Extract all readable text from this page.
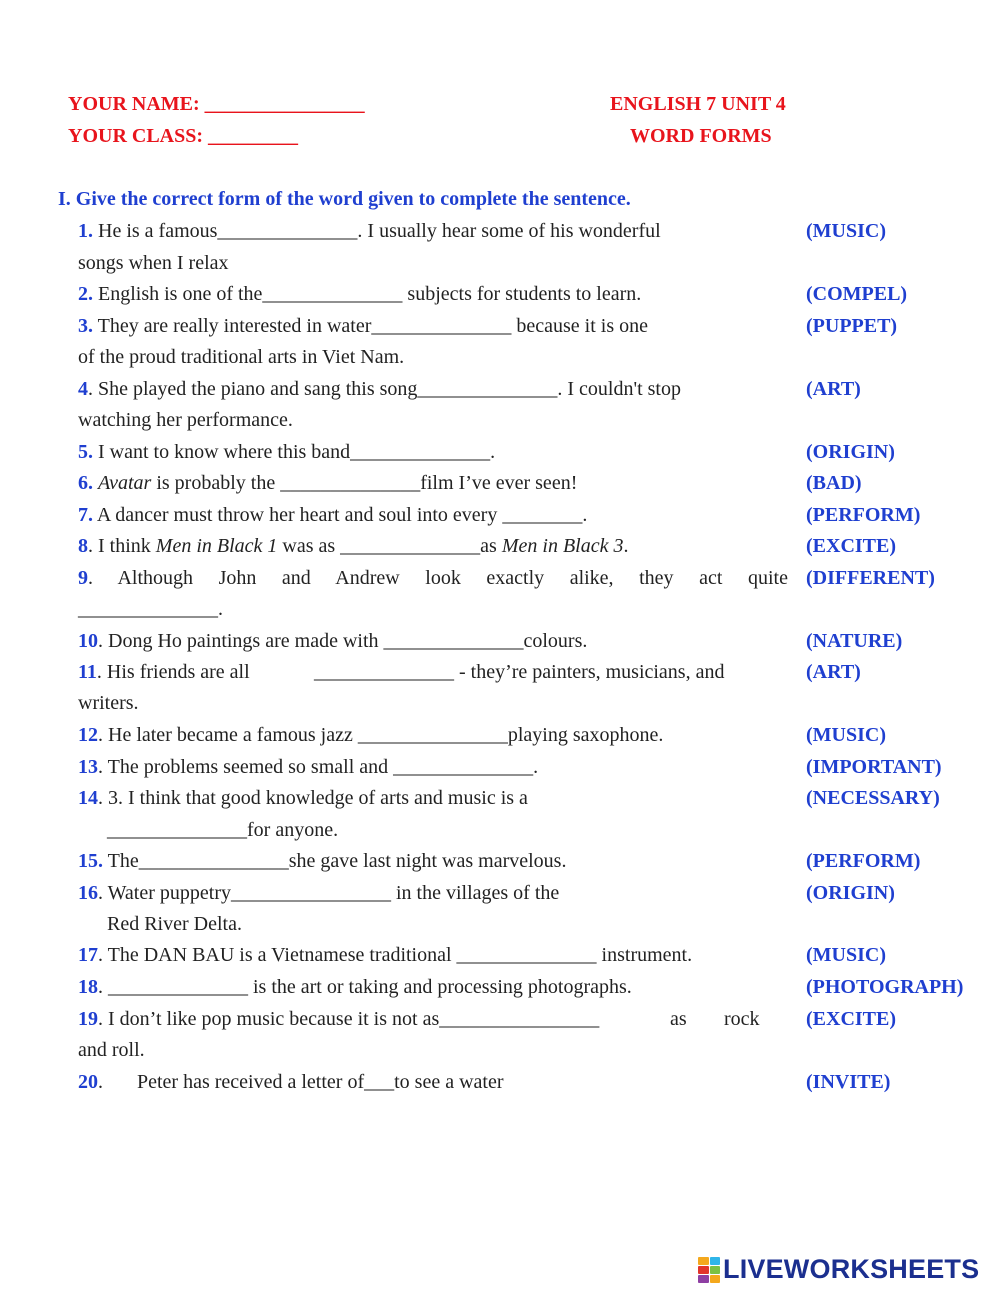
YOUR NAME: ________________
YOUR CLASS: _________
ENGLISH 7 UNIT 4
WORD FORMS
I. Give the correct form of the word given to complete the sentence.
1. He is a famous______________. I usually hear some of his wonderful
songs when I relax
(MUSIC)
2. English is one of the______________ subjects for students to learn.	(COMPEL)
3. They are really interested in water______________ because it is one
of the proud traditional arts in Viet Nam.
(PUPPET)
4. She played the piano and sang this song______________. I couldn't stop
watching her performance.
(ART)
5. I want to know where this band______________.	(ORIGIN)
6. Avatar is probably the ______________film I’ve ever seen!	(BAD)
7. A dancer must throw her heart and soul into every ________.	(PERFORM)
8. I think Men in Black 1 was as ______________as Men in Black 3.	(EXCITE)
9. Although John and Andrew look exactly alike, they act quite
______________.
(DIFFERENT)
10. Dong Ho paintings are made with ______________colours.	(NATURE)
11. His friends are all	______________ - they’re painters, musicians, and
writers.
(ART)
12. He later became a famous jazz _______________playing saxophone.	(MUSIC)
13. The problems seemed so small and ______________.	(IMPORTANT)
14. 3. I think that good knowledge of arts and music is a
______________for anyone.
(NECESSARY)
15. The_______________she gave last night was marvelous.	(PERFORM)
16. Water puppetry________________ in the villages of the
Red River Delta.
(ORIGIN)
17. The DAN BAU is a Vietnamese traditional ______________ instrument.	(MUSIC)
18. ______________ is the art or taking and processing photographs.	(PHOTOGRAPH)
19. I don’t like pop music because it is not as________________	as rock
and roll.
(EXCITE)
20. Peter has received a letter of___to see a water	(INVITE)
LIVEWORKSHEETS
